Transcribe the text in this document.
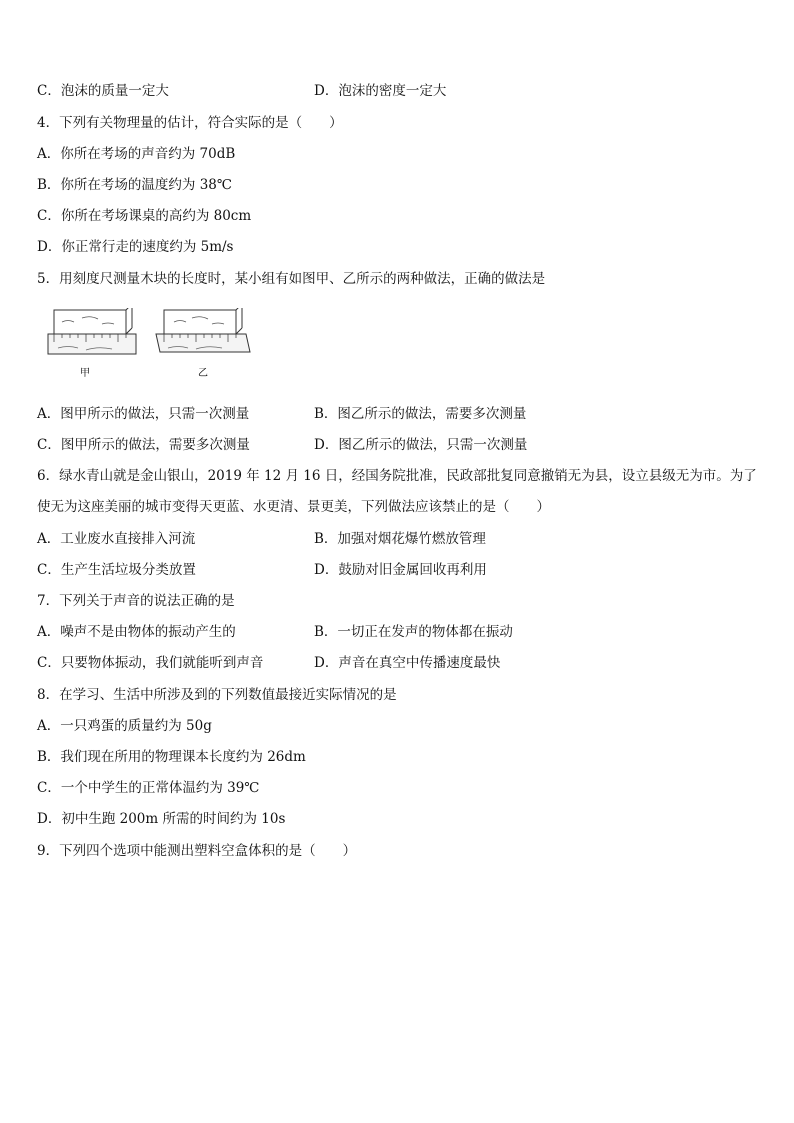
C．泡沫的质量一定大	D．泡沫的密度一定大
4．下列有关物理量的估计，符合实际的是（　　）
A．你所在考场的声音约为 70dB
B．你所在考场的温度约为 38℃
C．你所在考场课桌的高约为 80cm
D．你正常行走的速度约为 5m/s
5．用刻度尺测量木块的长度时，某小组有如图甲、乙所示的两种做法，正确的做法是
甲	乙
A．图甲所示的做法，只需一次测量	B．图乙所示的做法，需要多次测量
C．图甲所示的做法，需要多次测量	D．图乙所示的做法，只需一次测量
6．绿水青山就是金山银山，2019 年 12 月 16 日，经国务院批准，民政部批复同意撤销无为县，设立县级无为市。为了
使无为这座美丽的城市变得天更蓝、水更清、景更美，下列做法应该禁止的是（　　）
A．工业废水直接排入河流	B．加强对烟花爆竹燃放管理
C．生产生活垃圾分类放置	D．鼓励对旧金属回收再利用
7．下列关于声音的说法正确的是
A．噪声不是由物体的振动产生的	B．一切正在发声的物体都在振动
C．只要物体振动，我们就能听到声音	D．声音在真空中传播速度最快
8．在学习、生活中所涉及到的下列数值最接近实际情况的是
A．一只鸡蛋的质量约为 50g
B．我们现在所用的物理课本长度约为 26dm
C．一个中学生的正常体温约为 39℃
D．初中生跑 200m 所需的时间约为 10s
9．下列四个选项中能测出塑料空盒体积的是（　　）
